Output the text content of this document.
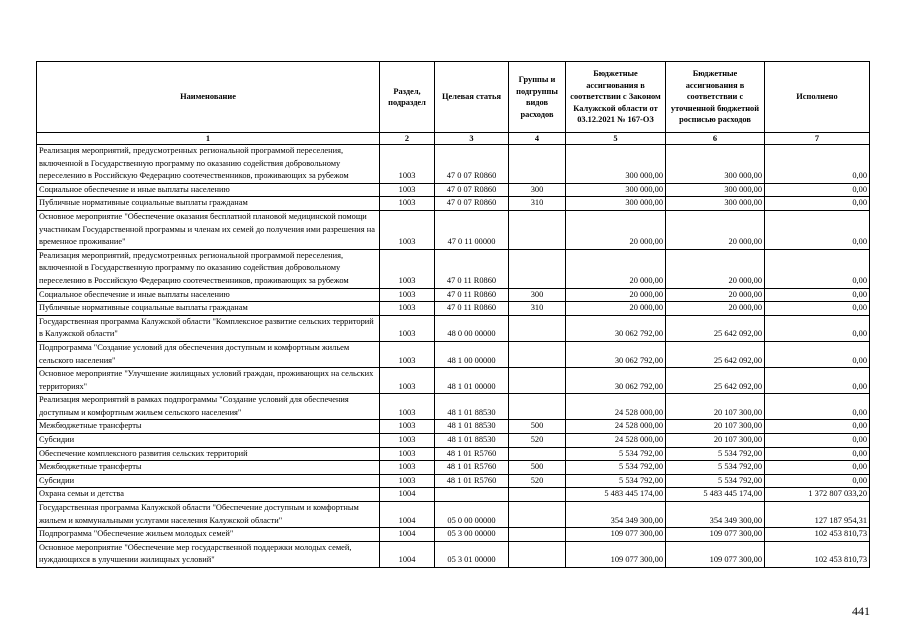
Наименование	Раздел, подраздел	Целевая статья	Группы и подгруппы видов расходов	Бюджетные ассигнования в соответствии с Законом Калужской области от 03.12.2021 № 167-ОЗ	Бюджетные ассигнования в соответствии с уточненной бюджетной росписью расходов	Исполнено
1	2	3	4	5	6	7
Реализация мероприятий, предусмотренных региональной программой переселения, включенной в Государственную программу по оказанию содействия добровольному переселению в Российскую Федерацию соотечественников, проживающих за рубежом	1003	47 0 07 R0860		300 000,00	300 000,00	0,00
Социальное обеспечение и иные выплаты населению	1003	47 0 07 R0860	300	300 000,00	300 000,00	0,00
Публичные нормативные социальные выплаты гражданам	1003	47 0 07 R0860	310	300 000,00	300 000,00	0,00
Основное мероприятие "Обеспечение оказания бесплатной плановой медицинской помощи участникам Государственной программы и членам их семей до получения ими разрешения на временное проживание"	1003	47 0 11 00000		20 000,00	20 000,00	0,00
Реализация мероприятий, предусмотренных региональной программой переселения, включенной в Государственную программу по оказанию содействия добровольному переселению в Российскую Федерацию соотечественников, проживающих за рубежом	1003	47 0 11 R0860		20 000,00	20 000,00	0,00
Социальное обеспечение и иные выплаты населению	1003	47 0 11 R0860	300	20 000,00	20 000,00	0,00
Публичные нормативные социальные выплаты гражданам	1003	47 0 11 R0860	310	20 000,00	20 000,00	0,00
Государственная программа Калужской области "Комплексное развитие сельских территорий в Калужской области"	1003	48 0 00 00000		30 062 792,00	25 642 092,00	0,00
Подпрограмма "Создание условий для обеспечения доступным и комфортным жильем сельского населения"	1003	48 1 00 00000		30 062 792,00	25 642 092,00	0,00
Основное мероприятие "Улучшение жилищных условий граждан, проживающих на сельских территориях"	1003	48 1 01 00000		30 062 792,00	25 642 092,00	0,00
Реализация мероприятий в рамках подпрограммы "Создание условий для обеспечения доступным и комфортным жильем сельского населения"	1003	48 1 01 88530		24 528 000,00	20 107 300,00	0,00
Межбюджетные трансферты	1003	48 1 01 88530	500	24 528 000,00	20 107 300,00	0,00
Субсидии	1003	48 1 01 88530	520	24 528 000,00	20 107 300,00	0,00
Обеспечение комплексного развития сельских территорий	1003	48 1 01 R5760		5 534 792,00	5 534 792,00	0,00
Межбюджетные трансферты	1003	48 1 01 R5760	500	5 534 792,00	5 534 792,00	0,00
Субсидии	1003	48 1 01 R5760	520	5 534 792,00	5 534 792,00	0,00
Охрана семьи и детства	1004			5 483 445 174,00	5 483 445 174,00	1 372 807 033,20
Государственная программа Калужской области "Обеспечение доступным и комфортным жильем и коммунальными услугами населения Калужской области"	1004	05 0 00 00000		354 349 300,00	354 349 300,00	127 187 954,31
Подпрограмма "Обеспечение жильем молодых семей"	1004	05 3 00 00000		109 077 300,00	109 077 300,00	102 453 810,73
Основное мероприятие "Обеспечение мер государственной поддержки молодых семей, нуждающихся в улучшении жилищных условий"	1004	05 3 01 00000		109 077 300,00	109 077 300,00	102 453 810,73
441
